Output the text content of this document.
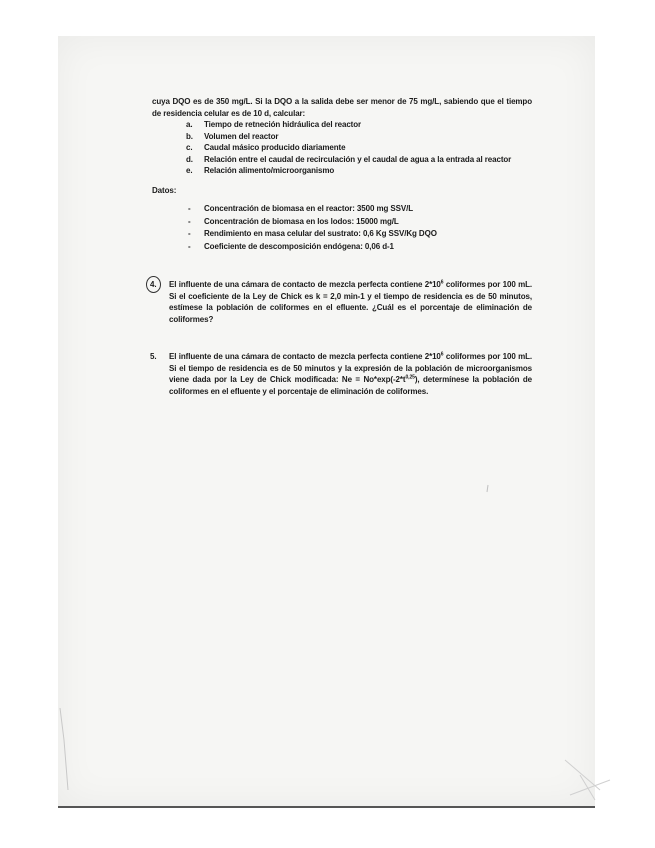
cuya DQO es de 350 mg/L. Si la DQO a la salida debe ser menor de 75 mg/L, sabiendo que el tiempo de residencia celular es de 10 d, calcular:

a. Tiempo de retneción hidráulica del reactor
b. Volumen del reactor
c. Caudal másico producido diariamente
d. Relación entre el caudal de recirculación y el caudal de agua a la entrada al reactor
e. Relación alimento/microorganismo
Datos:
- Concentración de biomasa en el reactor: 3500 mg SSV/L
- Concentración de biomasa en los lodos: 15000 mg/L
- Rendimiento en masa celular del sustrato: 0,6 Kg SSV/Kg DQO
- Coeficiente de descomposición endógena: 0,06 d-1

4. El influente de una cámara de contacto de mezcla perfecta contiene $2*10^6$ coliformes por 100 mL. Si el coeficiente de la Ley de Chick es k = 2,0 min-1 y el tiempo de residencia es de 50 minutos, estímese la población de coliformes en el efluente. ¿Cuál es el porcentaje de eliminación de coliformes?

5. El influente de una cámara de contacto de mezcla perfecta contiene $2*10^6$ coliformes por 100 mL. Si el tiempo de residencia es de 50 minutos y la expresión de la población de microorganismos viene dada por la Ley de Chick modificada: $Ne = No*\exp(-2*t^{0,25})$, determínese la población de coliformes en el efluente y el porcentaje de eliminación de coliformes.
